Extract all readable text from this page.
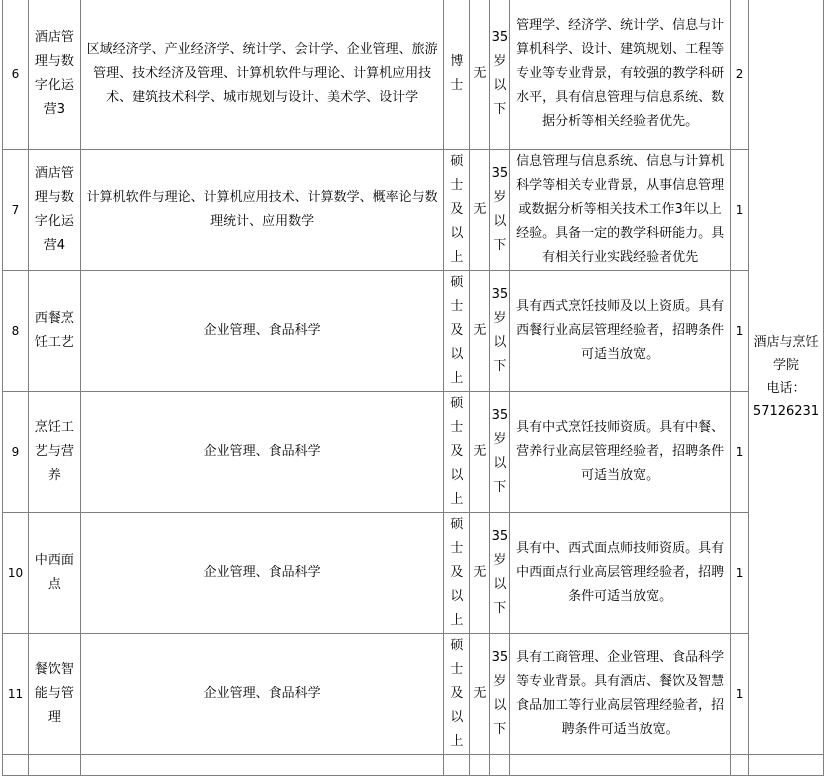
6	酒店管理与数字化运营3	区域经济学、产业经济学、统计学、会计学、企业管理、旅游管理、技术经济及管理、计算机软件与理论、计算机应用技术、建筑技术科学、城市规划与设计、美术学、设计学	博士	无	35岁以下	管理学、经济学、统计学、信息与计算机科学、设计、建筑规划、工程等专业等专业背景，有较强的教学科研水平，具有信息管理与信息系统、数据分析等相关经验者优先。	2	酒店与烹饪学院
电话：
57126231
7	酒店管理与数字化运营4	计算机软件与理论、计算机应用技术、计算数学、概率论与数理统计、应用数学	硕士及以上	无	35岁以下	信息管理与信息系统、信息与计算机科学等相关专业背景，从事信息管理或数据分析等相关技术工作3年以上经验。具备一定的教学科研能力。具有相关行业实践经验者优先	1	
8	西餐烹饪工艺	企业管理、食品科学	硕士及以上	无	35岁以下	具有西式烹饪技师及以上资质。具有西餐行业高层管理经验者，招聘条件可适当放宽。	1	
9	烹饪工艺与营养	企业管理、食品科学	硕士及以上	无	35岁以下	具有中式烹饪技师资质。具有中餐、营养行业高层管理经验者，招聘条件可适当放宽。	1	
10	中西面点	企业管理、食品科学	硕士及以上	无	35岁以下	具有中、西式面点师技师资质。具有中西面点行业高层管理经验者，招聘条件可适当放宽。	1	
11	餐饮智能与管理	企业管理、食品科学	硕士及以上	无	35岁以下	具有工商管理、企业管理、食品科学等专业背景。具有酒店、餐饮及智慧食品加工等行业高层管理经验者，招聘条件可适当放宽。	1	
